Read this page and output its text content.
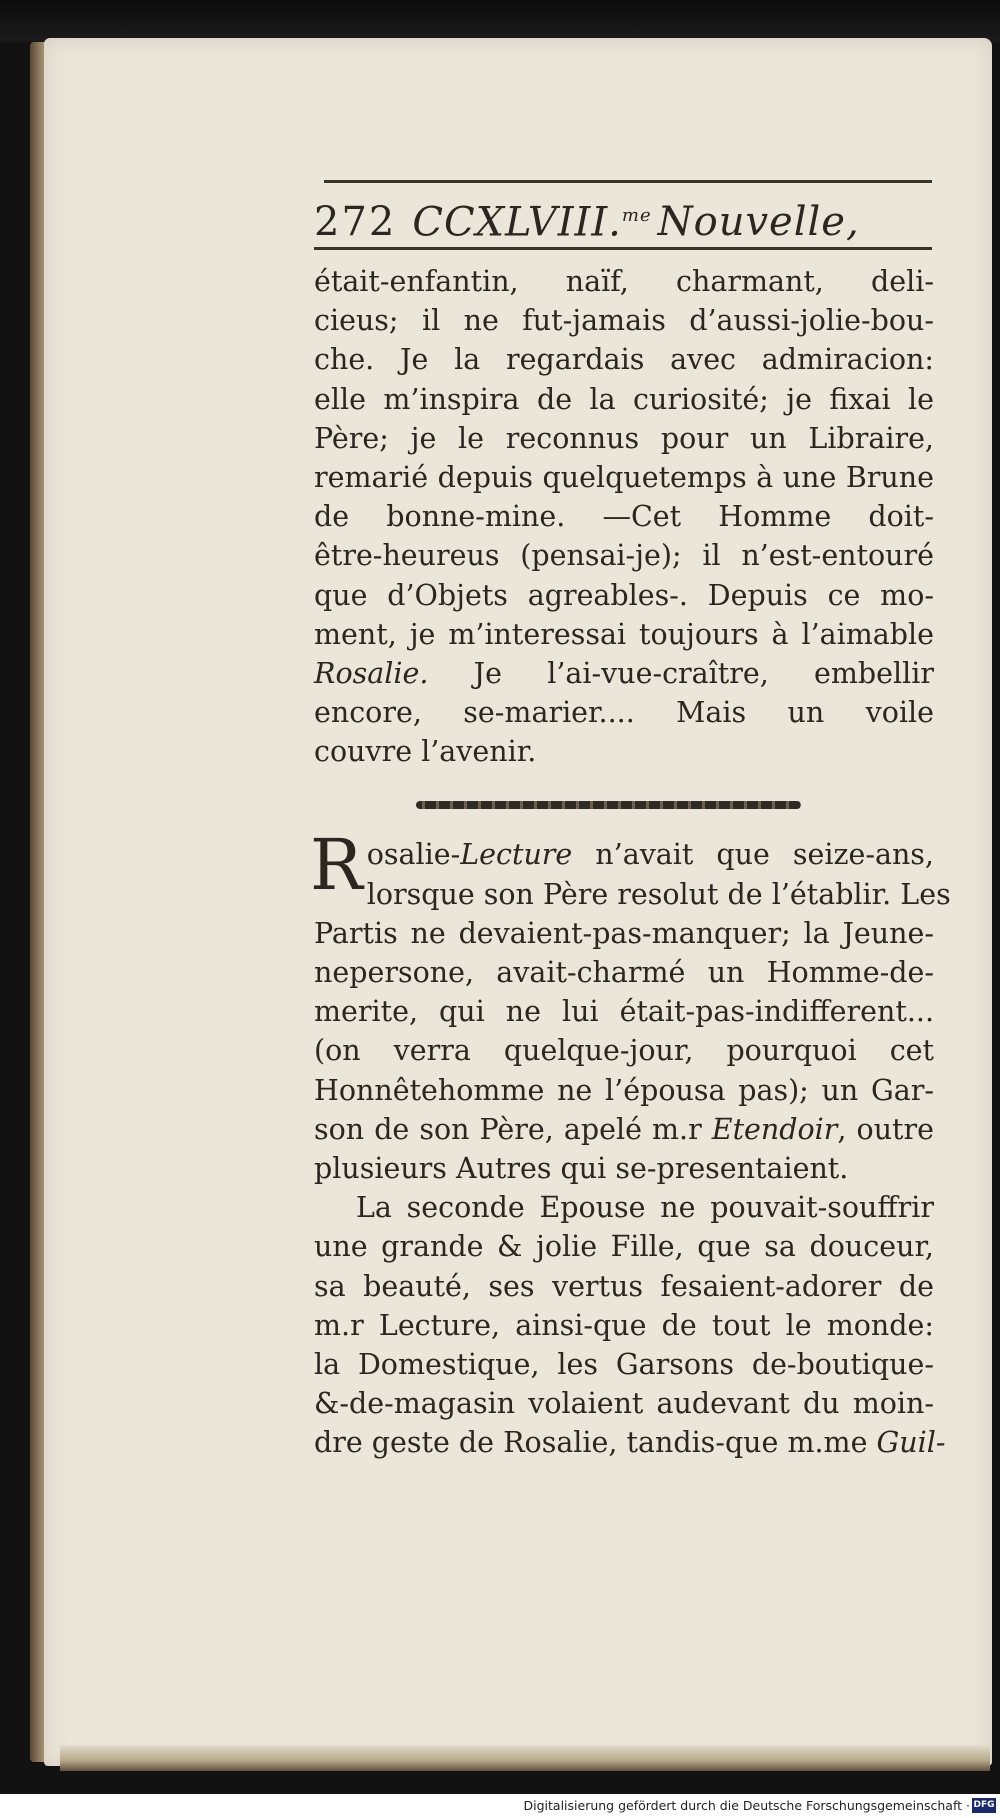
272 CCXLVIII.$^{me}$ Nouvelle,
était-enfantin, naïf, charmant, deli-
cieus; il ne fut-jamais d’aussi-jolie-bou-
che. Je la regardais avec admiracion:
elle m’inspira de la curiosité; je fixai le
Père; je le reconnus pour un Libraire,
remarié depuis quelquetemps à une Brune
de bonne-mine. —Cet Homme doit-
être-heureus (pensai-je); il n’est-entouré
que d’Objets agreables-. Depuis ce mo-
ment, je m’interessai toujours à l’aimable
Rosalie. Je l’ai-vue-craître, embellir
encore, se-marier.... Mais un voile
couvre l’avenir.
R osalie-Lecture n’avait que seize-ans,
lorsque son Père resolut de l’établir. Les
Partis ne devaient-pas-manquer; la Jeune-
nepersone, avait-charmé un Homme-de-
merite, qui ne lui était-pas-indifferent...
(on verra quelque-jour, pourquoi cet
Honnêtehomme ne l’épousa pas); un Gar-
son de son Père, apelé m.r Etendoir, outre
plusieurs Autres qui se-presentaient.
La seconde Epouse ne pouvait-souffrir
une grande & jolie Fille, que sa douceur,
sa beauté, ses vertus fesaient-adorer de
m.r Lecture, ainsi-que de tout le monde:
la Domestique, les Garsons de-boutique-
&-de-magasin volaient audevant du moin-
dre geste de Rosalie, tandis-que m.me Guil-
Digitalisierung gefördert durch die Deutsche Forschungsgemeinschaft · DFG
